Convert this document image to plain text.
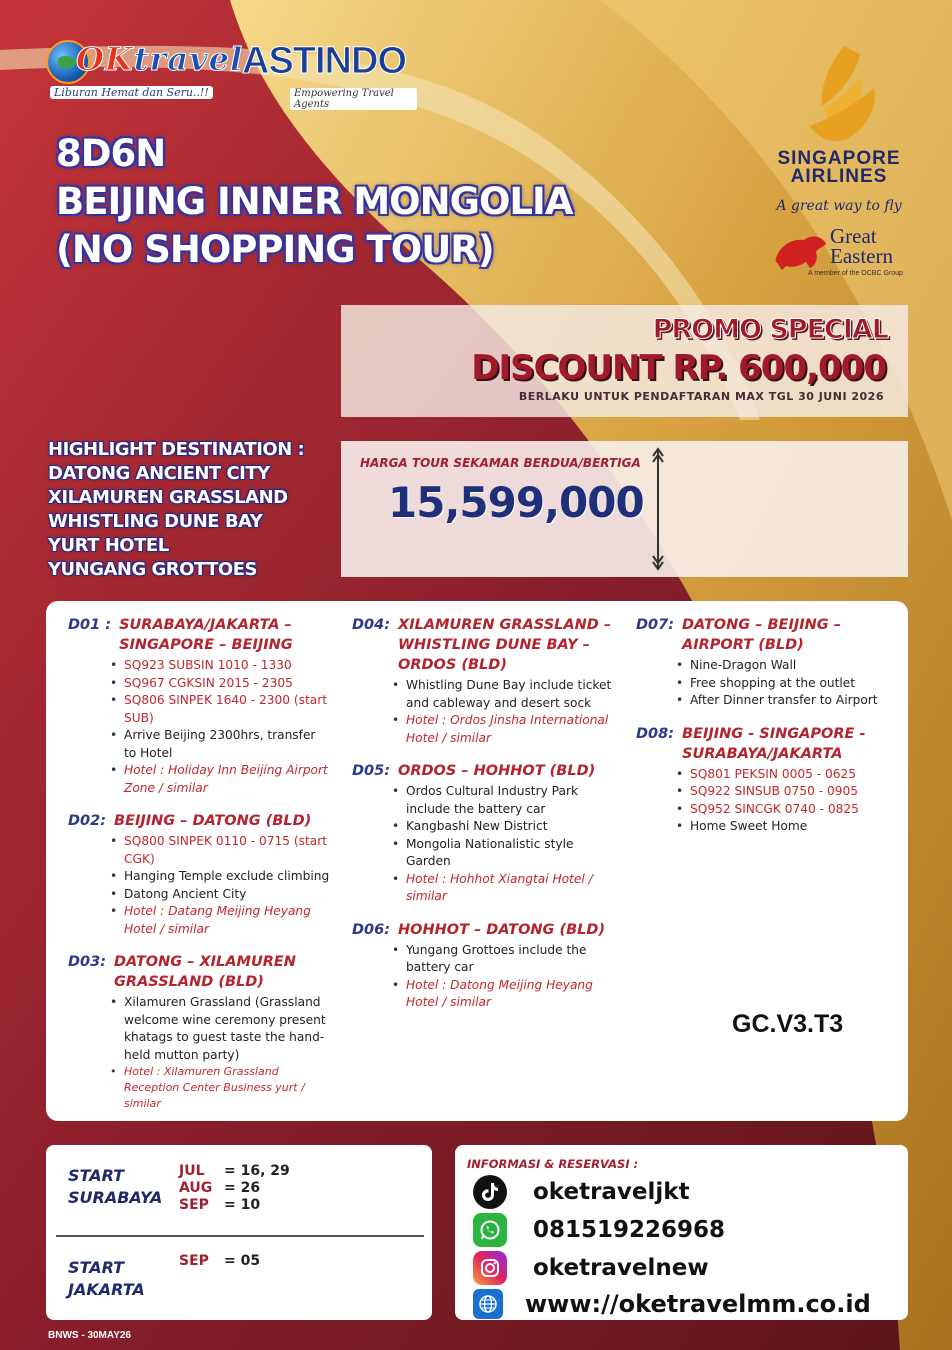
OKtravel
Liburan Hemat dan Seru..!!
ASTINDO
Empowering Travel Agents
8D6N
BEIJING INNER MONGOLIA
(NO SHOPPING TOUR)
SINGAPORE
AIRLINES
A great way to fly
Great
Eastern
A member of the OCBC Group
PROMO SPECIAL
DISCOUNT RP. 600,000
BERLAKU UNTUK PENDAFTARAN MAX TGL 30 JUNI 2026
HIGHLIGHT DESTINATION :
DATONG ANCIENT CITY
XILAMUREN GRASSLAND
WHISTLING DUNE BAY
YURT HOTEL
YUNGANG GROTTOES
HARGA TOUR SEKAMAR BERDUA/BERTIGA
15,599,000
D01 : SURABAYA/JAKARTA – SINGAPORE – BEIJING
• SQ923 SUBSIN 1010 - 1330
• SQ967 CGKSIN 2015 - 2305
• SQ806 SINPEK 1640 - 2300 (start SUB)
• Arrive Beijing 2300hrs, transfer to Hotel
• Hotel : Holiday Inn Beijing Airport Zone / similar
D02: BEIJING – DATONG (BLD)
• SQ800 SINPEK 0110 - 0715 (start CGK)
• Hanging Temple exclude climbing
• Datong Ancient City
• Hotel : Datang Meijing Heyang Hotel / similar
D03: DATONG – XILAMUREN GRASSLAND (BLD)
• Xilamuren Grassland (Grassland welcome wine ceremony present khatags to guest taste the hand-held mutton party)
• Hotel : Xilamuren Grassland Reception Center Business yurt / similar
D04: XILAMUREN GRASSLAND – WHISTLING DUNE BAY – ORDOS (BLD)
• Whistling Dune Bay include ticket and cableway and desert sock
• Hotel : Ordos Jinsha International Hotel / similar
D05: ORDOS – HOHHOT (BLD)
• Ordos Cultural Industry Park include the battery car
• Kangbashi New District
• Mongolia Nationalistic style Garden
• Hotel : Hohhot Xiangtai Hotel / similar
D06: HOHHOT – DATONG (BLD)
• Yungang Grottoes include the battery car
• Hotel : Datong Meijing Heyang Hotel / similar
D07: DATONG – BEIJING – AIRPORT (BLD)
• Nine-Dragon Wall
• Free shopping at the outlet
• After Dinner transfer to Airport
D08: BEIJING - SINGAPORE - SURABAYA/JAKARTA
• SQ801 PEKSIN 0005 - 0625
• SQ922 SINSUB 0750 - 0905
• SQ952 SINCGK 0740 - 0825
• Home Sweet Home
GC.V3.T3
START
SURABAYA
JUL
AUG
SEP
= 16, 29
= 26
= 10
START
JAKARTA
SEP = 05
INFORMASI & RESERVASI :
oketraveljkt
081519226968
oketravelnew
www://oketravelmm.co.id
BNWS - 30MAY26
